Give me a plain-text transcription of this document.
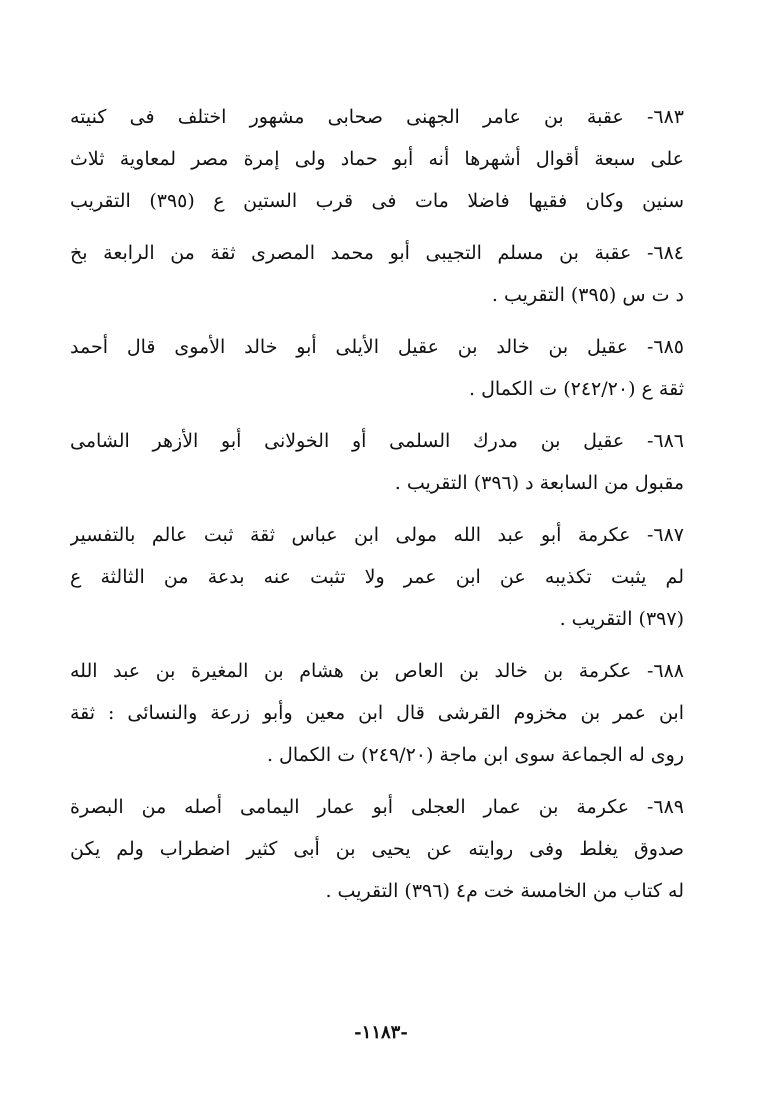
٦٨٣- عقبة بن عامر الجهنى صحابى مشهور اختلف فى كنيته
على سبعة أقوال أشهرها أنه أبو حماد ولى إمرة مصر لمعاوية ثلاث
سنين وكان فقيها فاضلا مات فى قرب الستين ع (٣٩٥) التقريب
٦٨٤- عقبة بن مسلم التجيبى أبو محمد المصرى ثقة من الرابعة بخ
د ت س (٣٩٥) التقريب .
٦٨٥- عقيل بن خالد بن عقيل الأيلى أبو خالد الأموى قال أحمد
ثقة ع (٢٤٢/٢٠) ت الكمال .
٦٨٦- عقيل بن مدرك السلمى أو الخولانى أبو الأزهر الشامى
مقبول من السابعة د (٣٩٦) التقريب .
٦٨٧- عكرمة أبو عبد الله مولى ابن عباس ثقة ثبت عالم بالتفسير
لم يثبت تكذيبه عن ابن عمر ولا تثبت عنه بدعة من الثالثة ع
(٣٩٧) التقريب .
٦٨٨- عكرمة بن خالد بن العاص بن هشام بن المغيرة بن عبد الله
ابن عمر بن مخزوم القرشى قال ابن معين وأبو زرعة والنسائى : ثقة
روى له الجماعة سوى ابن ماجة (٢٤٩/٢٠) ت الكمال .
٦٨٩- عكرمة بن عمار العجلى أبو عمار اليمامى أصله من البصرة
صدوق يغلط وفى روايته عن يحيى بن أبى كثير اضطراب ولم يكن
له كتاب من الخامسة خت م٤ (٣٩٦) التقريب .
-١١٨٣-
